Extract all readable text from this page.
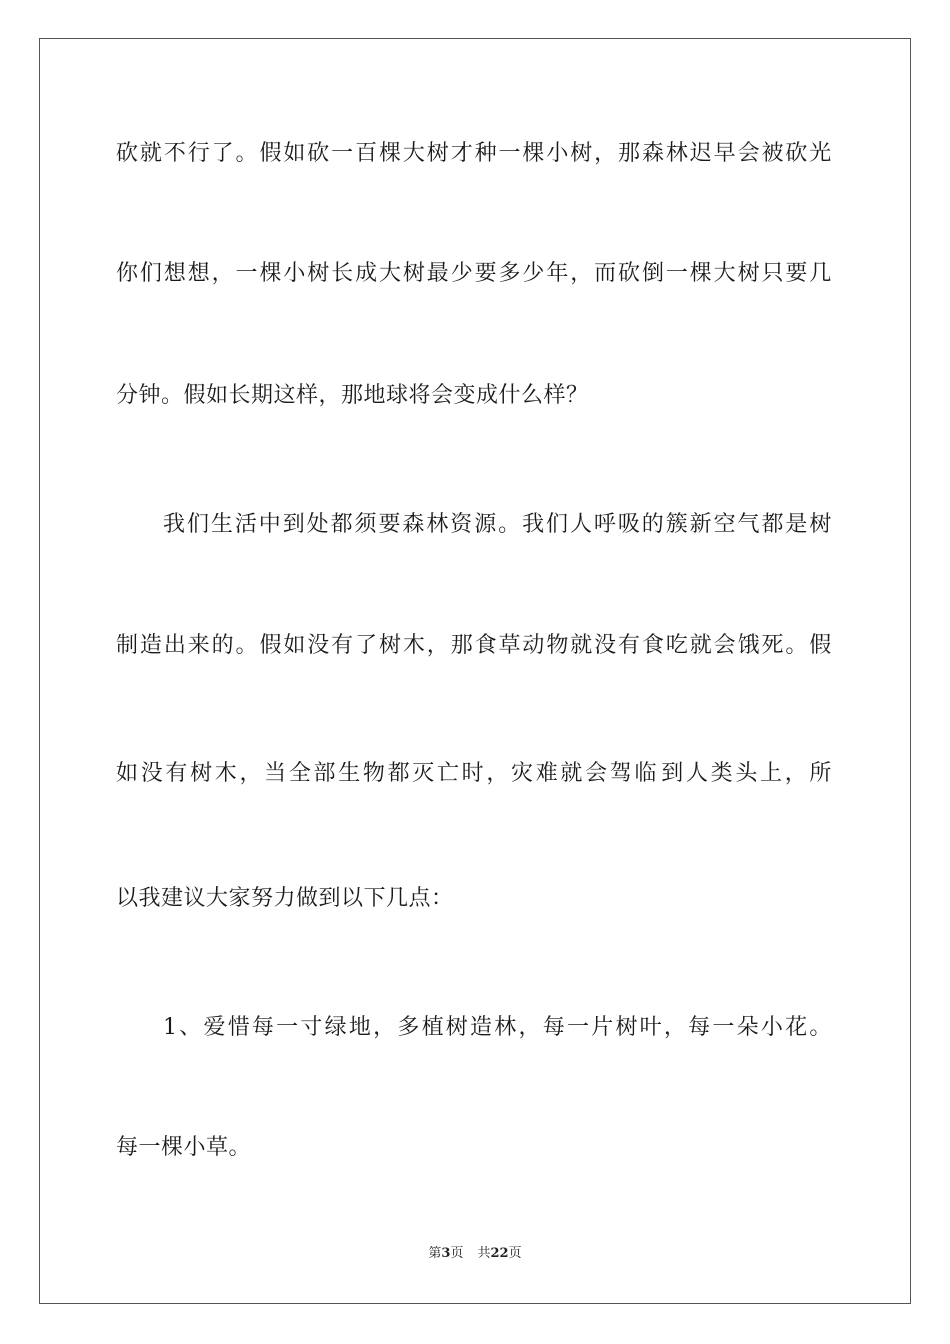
砍 就 不 行 了 。 假 如 砍 一 百 棵 大 树 才 种 一 棵 小 树 ， 那 森 林 迟 早 会 被 砍 光
你 们 想 想 ， 一 棵 小 树 长 成 大 树 最 少 要 多 少 年 ， 而 砍 倒 一 棵 大 树 只 要 几
分钟。假如长期这样，那地球将会变成什么样？
我 们 生 活 中 到 处 都 须 要 森 林 资 源 。 我 们 人 呼 吸 的 簇 新 空 气 都 是 树
制 造 出 来 的 。 假 如 没 有 了 树 木 ， 那 食 草 动 物 就 没 有 食 吃 就 会 饿 死 。 假
如 没 有 树 木 ， 当 全 部 生 物 都 灭 亡 时 ， 灾 难 就 会 驾 临 到 人 类 头 上 ， 所
以我建议大家努力做到以下几点：
1 、 爱 惜 每 一 寸 绿 地 ， 多 植 树 造 林 ， 每 一 片 树 叶 ， 每 一 朵 小 花 。
每一棵小草。
第3页 共22页
